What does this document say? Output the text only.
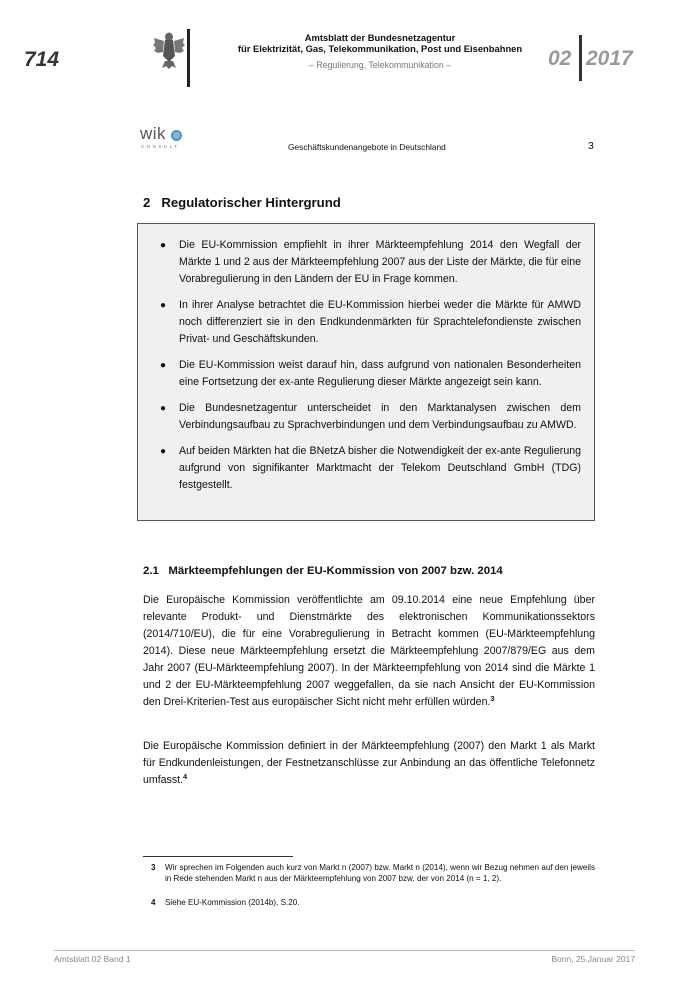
714
Amtsblatt der Bundesnetzagentur
für Elektrizität, Gas, Telekommunikation, Post und Eisenbahnen
– Regulierung, Telekommunikation –	02 2017
wik
CONSULT	Geschäftskundenangebote in Deutschland	3
2   Regulatorischer Hintergrund
● Die EU-Kommission empfiehlt in ihrer Märkteempfehlung 2014 den Wegfall der Märkte 1 und 2 aus der Märkteempfehlung 2007 aus der Liste der Märkte, die für eine Vorabregulierung in den Ländern der EU in Frage kommen.
● In ihrer Analyse betrachtet die EU-Kommission hierbei weder die Märkte für AMWD noch differenziert sie in den Endkundenmärkten für Sprachtelefondienste zwischen Privat- und Geschäftskunden.
● Die EU-Kommission weist darauf hin, dass aufgrund von nationalen Besonderheiten eine Fortsetzung der ex-ante Regulierung dieser Märkte angezeigt sein kann.
● Die Bundesnetzagentur unterscheidet in den Marktanalysen zwischen dem Verbindungsaufbau zu Sprachverbindungen und dem Verbindungsaufbau zu AMWD.
● Auf beiden Märkten hat die BNetzA bisher die Notwendigkeit der ex-ante Regulierung aufgrund von signifikanter Marktmacht der Telekom Deutschland GmbH (TDG) festgestellt.
2.1   Märkteempfehlungen der EU-Kommission von 2007 bzw. 2014

Die Europäische Kommission veröffentlichte am 09.10.2014 eine neue Empfehlung über relevante Produkt- und Dienstmärkte des elektronischen Kommunikationssektors (2014/710/EU), die für eine Vorabregulierung in Betracht kommen (EU-Märkteempfehlung 2014). Diese neue Märkteempfehlung ersetzt die Märkteempfehlung 2007/879/EG aus dem Jahr 2007 (EU-Märkteempfehlung 2007). In der Märkteempfehlung von 2014 sind die Märkte 1 und 2 der EU-Märkteempfehlung 2007 weggefallen, da sie nach Ansicht der EU-Kommission den Drei-Kriterien-Test aus europäischer Sicht nicht mehr erfüllen würden.$^3$

Die Europäische Kommission definiert in der Märkteempfehlung (2007) den Markt 1 als Markt für Endkundenleistungen, der Festnetzanschlüsse zur Anbindung an das öffentliche Telefonnetz umfasst.$^4$

3	Wir sprechen im Folgenden auch kurz von Markt n (2007) bzw. Markt n (2014), wenn wir Bezug nehmen auf den jeweils in Rede stehenden Markt n aus der Märkteempfehlung von 2007 bzw. der von 2014 (n = 1, 2).
4	Siehe EU-Kommission (2014b), S.20.
Amtsblatt 02 Band 1	Bonn, 25.Januar 2017
